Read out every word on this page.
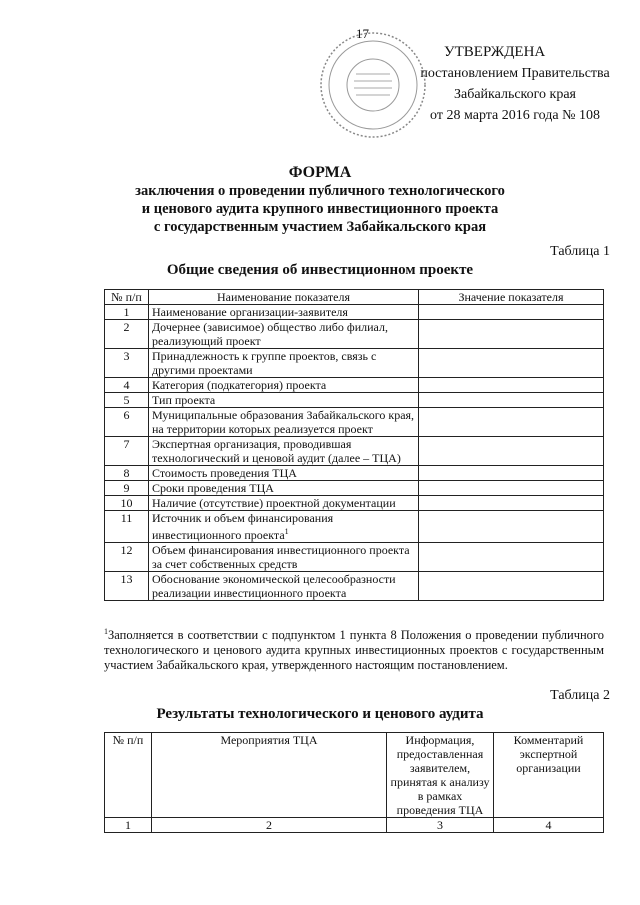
17
УТВЕРЖДЕНА
постановлением Правительства
Забайкальского края
от 28 марта 2016 года № 108
ФОРМА
заключения о проведении публичного технологического
и ценового аудита крупного инвестиционного проекта
с государственным участием Забайкальского края
Таблица 1
Общие сведения об инвестиционном проекте
№ п/п	Наименование показателя	Значение показателя
1	Наименование организации-заявителя	
2	Дочернее (зависимое) общество либо филиал, реализующий проект	
3	Принадлежность к группе проектов, связь с другими проектами	
4	Категория (подкатегория) проекта	
5	Тип проекта	
6	Муниципальные образования Забайкальского края, на территории которых реализуется проект	
7	Экспертная организация, проводившая технологический и ценовой аудит (далее – ТЦА)	
8	Стоимость проведения ТЦА	
9	Сроки проведения ТЦА	
10	Наличие (отсутствие) проектной документации	
11	Источник и объем финансирования инвестиционного проекта$^1$	
12	Объем финансирования инвестиционного проекта за счет собственных средств	
13	Обоснование экономической целесообразности реализации инвестиционного проекта	
$^1$Заполняется в соответствии с подпунктом 1 пункта 8 Положения о проведении публичного технологического и ценового аудита крупных инвестиционных проектов с государственным участием Забайкальского края, утвержденного настоящим постановлением.
Таблица 2
Результаты технологического и ценового аудита
№ п/п	Мероприятия ТЦА	Информация, предоставленная заявителем, принятая к анализу в рамках проведения ТЦА	Комментарий экспертной организации
1	2	3	4
